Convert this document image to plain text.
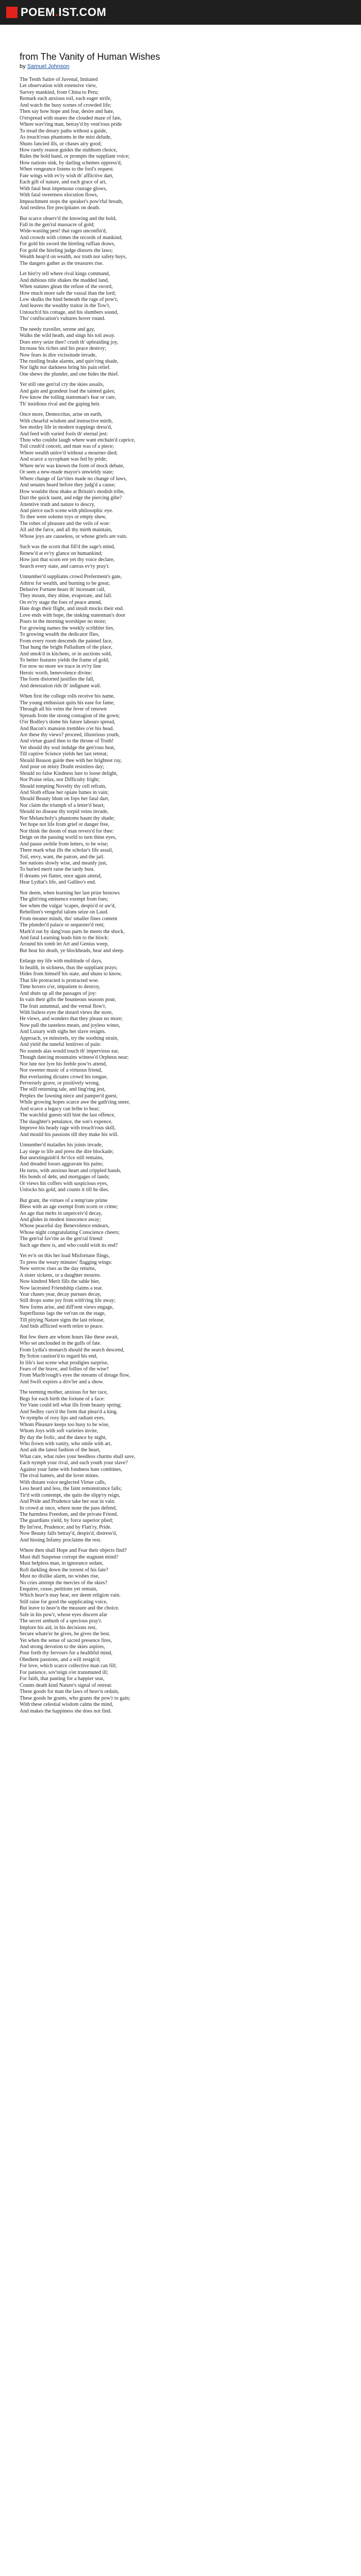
POEM.IST.COM
from The Vanity of Human Wishes
by Samuel Johnson
The Tenth Satire of Juvenal, Imitated
Let observation with extensive view,
Survey mankind, from China to Peru;
Remark each anxious toil, each eager strife,
And watch the busy scenes of crowded life;
Then say how hope and fear, desire and hate,
O'erspread with snares the clouded maze of fate,
Where wav'ring man, betray'd by vent'rous pride
To tread the dreary paths without a guide,
As treach'rous phantoms in the mist delude,
Shuns fancied ills, or chases airy good;
How rarely reason guides the stubborn choice,
Rules the bold hand, or prompts the suppliant voice;
How nations sink, by darling schemes oppress'd,
When vengeance listens to the fool's request.
Fate wings with ev'ry wish th' afflictive dart,
Each gift of nature, and each grace of art,
With fatal heat impetuous courage glows,
With fatal sweetness elocution flows,
Impeachment stops the speaker's pow'rful breath,
And restless fire precipitates on death.
But scarce observ'd the knowing and the bold,
Fall in the gen'ral massacre of gold;
Wide-wasting pest! that rages unconfin'd,
And crowds with crimes the records of mankind;
For gold his sword the hireling ruffian draws,
For gold the hireling judge distorts the laws;
Wealth heap'd on wealth, nor truth nor safety buys,
The dangers gather as the treasures rise.
Let hist'ry tell where rival kings command,
And dubious title shakes the madded land,
When statutes glean the refuse of the sword,
How much more safe the vassal than the lord;
Low skulks the hind beneath the rage of pow'r,
And leaves the wealthy traitor in the Tow'r,
Untouch'd his cottage, and his slumbers sound,
Tho' confiscation's vultures hover round.
The needy traveller, serene and gay,
Walks the wild heath, and sings his toil away.
Does envy seize thee? crush th' upbraiding joy,
Increase his riches and his peace destroy;
Now fears in dire vicissitude invade,
The rustling brake alarms, and quiv'ring shade,
Nor light nor darkness bring his pain relief.
One shews the plunder, and one hides the thief.
Yet still one gen'ral cry the skies assails,
And gain and grandeur load the tainted gales;
Few know the toiling statesman's fear or care,
Th' insidious rival and the gaping heir.
Once more, Democritus, arise on earth,
With chearful wisdom and instructive mirth,
See motley life in modern trappings dress'd,
And feed with varied fools th' eternal jest:
Thou who couldst laugh where want enchain'd caprice,
Toil crush'd conceit, and man was of a piece;
Where wealth unlov'd without a mourner died;
And scarce a sycophant was fed by pride;
Where ne'er was known the form of mock debate,
Or seen a new-made mayor's unwieldy state;
Where change of fav'rites made no change of laws,
And senates heard before they judg'd a cause;
How wouldst thou shake at Britain's modish tribe,
Dart the quick taunt, and edge the piercing gibe?
Attentive truth and nature to descry,
And pierce each scene with philosophic eye.
To thee were solemn toys or empty shew,
The robes of pleasure and the veils of woe:
All aid the farce, and all thy mirth maintain,
Whose joys are causeless, or whose griefs are vain.
Such was the scorn that fill'd the sage's mind,
Renew'd at ev'ry glance on humankind;
How just that scorn ere yet thy voice declare,
Search every state, and canvas ev'ry pray'r.
Unnumber'd suppliants crowd Preferment's gate,
Athirst for wealth, and burning to be great;
Delusive Fortune hears th' incessant call,
They mount, they shine, evaporate, and fall.
On ev'ry stage the foes of peace attend,
Hate dogs their flight, and insult mocks their end.
Love ends with hope, the sinking statesman's door
Pours in the morning worshiper no more;
For growing names the weekly scribbler lies,
To growing wealth the dedicator flies,
From every room descends the painted face,
That hung the bright Palladium of the place,
And smok'd in kitchens, or in auctions sold,
To better features yields the frame of gold;
For now no more we trace in ev'ry line
Heroic worth, benevolence divine:
The form distorted justifies the fall,
And detestation rids th' indignant wall.
When first the college rolls receive his name,
The young enthusiast quits his ease for fame;
Through all his veins the fever of renown
Spreads from the strong contagion of the gown;
O'er Bodley's dome his future labours spread,
And Bacon's mansion trembles o'er his head.
Are these thy views? proceed, illustrious youth,
And virtue guard thee to the throne of Truth!
Yet should thy soul indulge the gen'rous heat,
Till captive Science yields her last retreat;
Should Reason guide thee with her brightest ray,
And pour on misty Doubt resistless day;
Should no false Kindness lure to loose delight,
Nor Praise relax, nor Difficulty fright;
Should tempting Novelty thy cell refrain,
And Sloth effuse her opiate fumes in vain;
Should Beauty blunt on fops her fatal dart,
Nor claim the triumph of a letter'd heart;
Should no disease thy torpid veins invade,
Nor Melancholy's phantoms haunt thy shade;
Yet hope not life from grief or danger free,
Nor think the doom of man revers'd for thee:
Deign on the passing world to turn thine eyes,
And pause awhile from letters, to be wise;
There mark what ills the scholar's life assail,
Toil, envy, want, the patron, and the jail.
See nations slowly wise, and meanly just,
To buried merit raise the tardy bust.
If dreams yet flatter, once again attend,
Hear Lydiat's life, and Galileo's end.
Nor deem, when learning her last prize bestows
The glitt'ring eminence exempt from foes;
See when the vulgar 'scapes, despis'd or aw'd,
Rebellion's vengeful talons seize on Laud.
From meaner minds, tho' smaller fines content
The plunder'd palace or sequester'd rent;
Mark'd out by dang'rous parts he meets the shock,
And fatal Learning leads him to the block:
Around his tomb let Art and Genius weep,
But hear his death, ye blockheads, hear and sleep.
Enlarge my life with multitude of days,
In health, in sickness, thus the suppliant prays;
Hides from himself his state, and shuns to know,
That life protracted is protracted woe.
Time hovers o'er, impatient to destroy,
And shuts up all the passages of joy:
In vain their gifts the bounteous seasons pour,
The fruit autumnal, and the vernal flow'r,
With listless eyes the dotard views the store,
He views, and wonders that they please no more;
Now pall the tasteless meats, and joyless wines,
And Luxury with sighs her slave resigns.
Approach, ye minstrels, try the soothing strain,
And yield the tuneful lenitives of pain:
No sounds alas would touch th' impervious ear,
Though dancing mountains witness'd Orpheus near;
Nor lute nor lyre his feeble pow'rs attend,
Nor sweeter music of a virtuous friend,
But everlasting dictates crowd his tongue,
Perversely grave, or positively wrong.
The still returning tale, and ling'ring jest,
Perplex the fawning niece and pamper'd guest,
While growing hopes scarce awe the gath'ring sneer,
And scarce a legacy can bribe to hear;
The watchful guests still hint the last offence,
The daughter's petulance, the son's expence,
Improve his heady rage with treach'rous skill,
And mould his passions till they make his will.
Unnumber'd maladies his joints invade,
Lay siege to life and press the dire blockade;
But unextinguish'd Av'rice still remains,
And dreaded losses aggravate his pains;
He turns, with anxious heart and crippled hands,
His bonds of debt, and mortgages of lands;
Or views his coffers with suspicious eyes,
Unlocks his gold, and counts it till he dies.
But grant, the virtues of a temp'rate prime
Bless with an age exempt from scorn or crime;
An age that melts in unperceiv'd decay,
And glides in modest innocence away;
Whose peaceful day Benevolence endears,
Whose night congratulating Conscience cheers;
The gen'ral fav'rite as the gen'ral friend:
Such age there is, and who could wish its end?
Yet ev'n on this her load Misfortune flings,
To press the weary minutes' flagging wings:
New sorrow rises as the day returns,
A sister sickens, or a daughter mourns.
Now kindred Merit fills the sable bier,
Now lacerated Friendship claims a tear.
Year chases year, decay pursues decay,
Still drops some joy from with'ring life away;
New forms arise, and diff'rent views engage,
Superfluous lags the vet'ran on the stage,
Till pitying Nature signs the last release,
And bids afflicted worth retire to peace.
But few there are whom hours like these await,
Who set unclouded in the gulfs of fate.
From Lydia's monarch should the search descend,
By Solon caution'd to regard his end,
In life's last scene what prodigies surprise,
Fears of the brave, and follies of the wise?
From Marlb'rough's eyes the streams of dotage flow,
And Swift expires a driv'ler and a show.
The teeming mother, anxious for her race,
Begs for each birth the fortune of a face:
Yet Vane could tell what ills from beauty spring;
And Sedley curs'd the form that pleas'd a king.
Ye nymphs of rosy lips and radiant eyes,
Whom Pleasure keeps too busy to be wise,
Whom Joys with soft varieties invite,
By day the frolic, and the dance by night,
Who frown with vanity, who smile with art,
And ask the latest fashion of the heart,
What care, what rules your heedless charms shall save,
Each nymph your rival, and each youth your slave?
Against your fame with fondness hate combines,
The rival batters, and the lover mines.
With distant voice neglected Virtue calls,
Less heard and less, the faint remonstrance falls;
Tir'd with contempt, she quits the slipp'ry reign,
And Pride and Prudence take her seat in vain.
In crowd at once, where none the pass defend,
The harmless Freedom, and the private Friend.
The guardians yield, by force superior plied;
By Int'rest, Prudence; and by Flatt'ry, Pride.
Now Beauty falls betray'd, despis'd, distress'd,
And hissing Infamy proclaims the rest.
Where then shall Hope and Fear their objects find?
Must dull Suspense corrupt the stagnant mind?
Must helpless man, in ignorance sedate,
Roll darkling down the torrent of his fate?
Must no dislike alarm, no wishes rise,
No cries attempt the mercies of the skies?
Enquirer, cease, petitions yet remain,
Which heav'n may hear, nor deem religion vain.
Still raise for good the supplicating voice,
But leave to heav'n the measure and the choice.
Safe in his pow'r, whose eyes discern afar
The secret ambush of a specious pray'r.
Implore his aid, in his decisions rest,
Secure whate'er he gives, he gives the best.
Yet when the sense of sacred presence fires,
And strong devotion to the skies aspires,
Pour forth thy fervours for a healthful mind,
Obedient passions, and a will resign'd;
For love, which scarce collective man can fill;
For patience, sov'reign o'er transmuted ill;
For faith, that panting for a happier seat,
Counts death kind Nature's signal of retreat:
These goods for man the laws of heav'n ordain,
These goods he grants, who grants the pow'r to gain;
With these celestial wisdom calms the mind,
And makes the happiness she does not find.
